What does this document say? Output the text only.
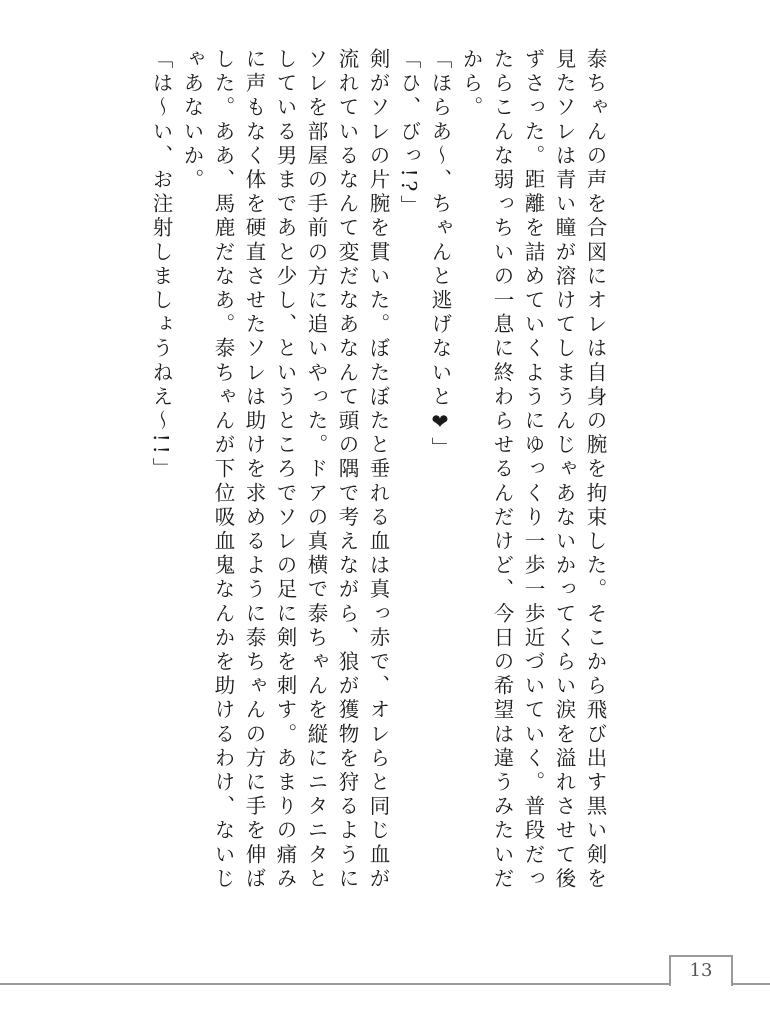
泰ちゃんの声を合図にオレは自身の腕を拘束した。そこから飛び出す黒い剣を見たソレは青い瞳が溶けてしまうんじゃあないかってくらい涙を溢れさせて後ずさった。距離を詰めていくようにゆっくり一歩一歩近づいていく。普段だったらこんな弱っちいの一息に終わらせるんだけど、今日の希望は違うみたいだから。

「ほらあ〜、ちゃんと逃げないと❤」

「ひ、びっ!?」

剣がソレの片腕を貫いた。ぼたぼたと垂れる血は真っ赤で、オレらと同じ血が流れているなんて変だなあなんて頭の隅で考えながら、狼が獲物を狩るようにソレを部屋の手前の方に追いやった。ドアの真横で泰ちゃんを縦にニタニタとしている男まであと少し、というところでソレの足に剣を刺す。あまりの痛みに声もなく体を硬直させたソレは助けを求めるように泰ちゃんの方に手を伸ばした。ああ、馬鹿だなあ。泰ちゃんが下位吸血鬼なんかを助けるわけ、ないじゃあないか。

「は〜い、お注射しましょうねえ〜!!」

13
